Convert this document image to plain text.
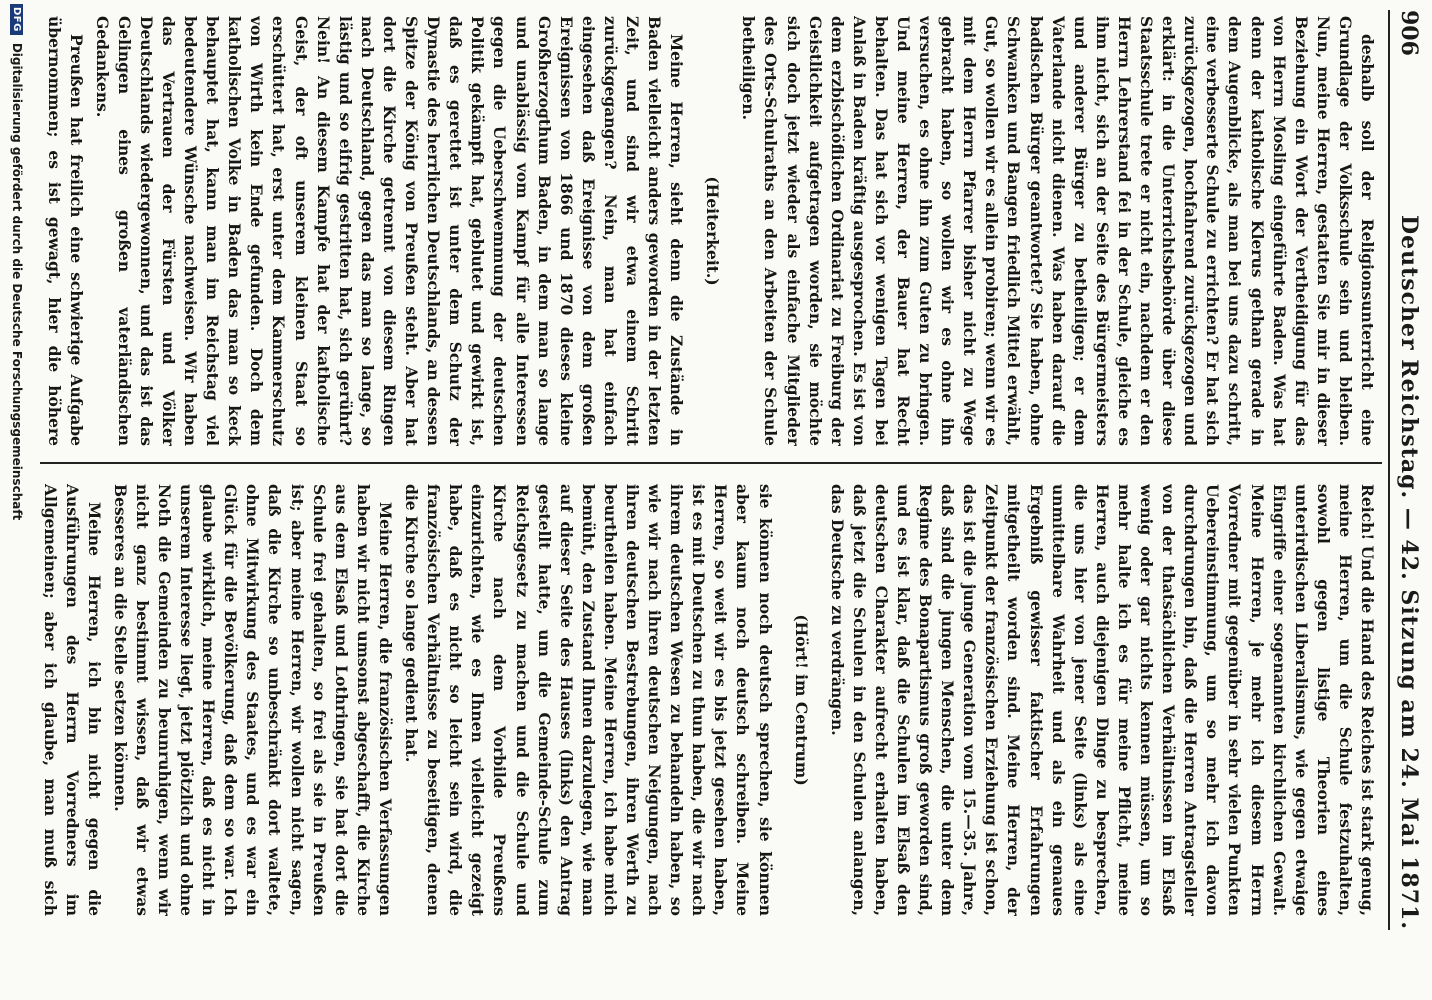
906
Deutscher Reichstag. — 42. Sitzung am 24. Mai 1871.

deshalb soll der Religionsunterricht eine Grundlage der Volksschule sein und bleiben. Nun, meine Herren, gestatten Sie mir in dieser Beziehung ein Wort der Vertheidigung für das von Herrn Mosling eingeführte Baden. Was hat denn der katholische Klerus gethan gerade in dem Augenblicke, als man bei uns dazu schritt, eine verbesserte Schule zu errichten? Er hat sich zurückgezogen, hochfahrend zurückgezogen und erklärt: in die Unterrichtsbehörde über diese Staatsschule trete er nicht ein, nachdem er den Herrn Lehrerstand fei in der Schule, gleiche es ihm nicht, sich an der Seite des Bürgermeisters und anderer Bürger zu betheiligen; er dem Vaterlande nicht dienen. Was haben darauf die badischen Bürger geantwortet? Sie haben, ohne Schwanken und Bangen friedlich Mittel erwählt, Gut, so wollen wir es allein probiren; wenn wir es mit dem Herrn Pfarrer bisher nicht zu Wege gebracht haben, so wollen wir es ohne ihn versuchen, es ohne ihn zum Guten zu bringen. Und meine Herren, der Bauer hat Recht behalten. Das hat sich vor wenigen Tagen bei Anlaß in Baden kräftig ausgesprochen. Es ist von dem erzbischöflichen Ordinariat zu Freiburg der Geistlichkeit aufgetragen worden, sie möchte sich doch jetzt wieder als einfache Mitglieder des Orts-Schulraths an den Arbeiten der Schule betheiligen.

(Heiterkeit.)

Meine Herren, sieht denn die Zustände in Baden vielleicht anders geworden in der letzten Zeit, und sind wir etwa einem Schritt zurückgegangen? Nein, man hat einfach eingesehen daß Ereignisse von dem großen Ereignissen von 1866 und 1870 dieses kleine Großherzogthum Baden, in dem man so lange und unablässig vom Kampf für alle Interessen gegen die Ueberschwemmung der deutschen Politik gekämpft hat, geblutet und gewirkt ist, daß es gerettet ist unter dem Schutz der Dynastie des herrlichen Deutschlands, an dessen Spitze der König von Preußen steht. Aber hat dort die Kirche getrennt von diesem Ringen nach Deutschland, gegen das man so lange, so lästig und so eifrig gestritten hat, sich gerührt? Nein! An diesem Kampfe hat der katholische Geist, der oft unserem kleinen Staat so erschüttert hat, erst unter dem Kammerschutz von Wirth kein Ende gefunden. Doch dem katholischen Volke in Baden das man so keck behauptet hat, kann man im Reichstag viel bedeutendere Wünsche nachweisen. Wir haben das Vertrauen der Fürsten und Völker Deutschlands wiedergewonnen, und das ist das Gelingen eines großen vaterländischen Gedankens.

Preußen hat freilich eine schwierige Aufgabe übernommen; es ist gewagt, hier die höhere

Reich! Und die Hand des Reiches ist stark genug, meine Herren, um die Schule festzuhalten, sowohl gegen listige Theorien eines unterirdischen Liberalismus, wie gegen etwaige Eingriffe einer sogenannten kirchlichen Gewalt. Meine Herren, je mehr ich diesem Herrn Vorredner mit gegenüber in sehr vielen Punkten Uebereinstimmung, um so mehr ich davon durchdrungen bin, daß die Herren Antragsteller von der thatsächlichen Verhältnissen im Elsaß wenig oder gar nichts kennen müssen, um so mehr halte ich es für meine Pflicht, meine Herren, auch diejenigen Dinge zu besprechen, die uns hier von jener Seite (links) als eine unmittelbare Wahrheit und als ein genaues Ergebniß gewisser faktischer Erfahrungen mitgetheilt worden sind. Meine Herren, der Zeitpunkt der französischen Erziehung ist schon, das ist die junge Generation vom 15.—35. Jahre, daß sind die jungen Menschen, die unter dem Regime des Bonapartismus groß geworden sind, und es ist klar, daß die Schulen im Elsaß den deutschen Charakter aufrecht erhalten haben, daß jetzt die Schulen in den Schulen anlangen, das Deutsche zu verdrängen.

(Hört! im Centrum)

sie können noch deutsch sprechen, sie können aber kaum noch deutsch schreiben. Meine Herren, so weit wir es bis jetzt gesehen haben, ist es mit Deutschen zu thun haben, die wir nach ihrem deutschen Wesen zu behandeln haben, so wie wir nach ihren deutschen Neigungen, nach ihren deutschen Bestrebungen, ihren Werth zu beurtheilen haben. Meine Herren, ich habe mich bemüht, den Zustand Ihnen darzulegen, wie man auf dieser Seite des Hauses (links) den Antrag gestellt hatte, um die Gemeinde-Schule zum Reichsgesetz zu machen und die Schule und Kirche nach dem Vorbilde Preußens einzurichten, wie es Ihnen vielleicht gezeigt habe, daß es nicht so leicht sein wird, die französischen Verhältnisse zu beseitigen, denen die Kirche so lange gedient hat.

Meine Herren, die französischen Verfassungen haben wir nicht umsonst abgeschafft, die Kirche aus dem Elsaß und Lothringen, sie hat dort die Schule frei gehalten, so frei als sie in Preußen ist; aber meine Herren, wir wollen nicht sagen, daß die Kirche so unbeschränkt dort waltete, ohne Mitwirkung des Staates, und es war ein Glück für die Bevölkerung, daß dem so war. Ich glaube wirklich, meine Herren, daß es nicht in unserem Interesse liegt, jetzt plötzlich und ohne Noth die Gemeinden zu beunruhigen, wenn wir nicht ganz bestimmt wissen, daß wir etwas Besseres an die Stelle setzen können.

Meine Herren, ich bin nicht gegen die Ausführungen des Herrn Vorredners im Allgemeinen; aber ich glaube, man muß sich

DFG
Digitalisierung gefördert durch die Deutsche Forschungsgemeinschaft
